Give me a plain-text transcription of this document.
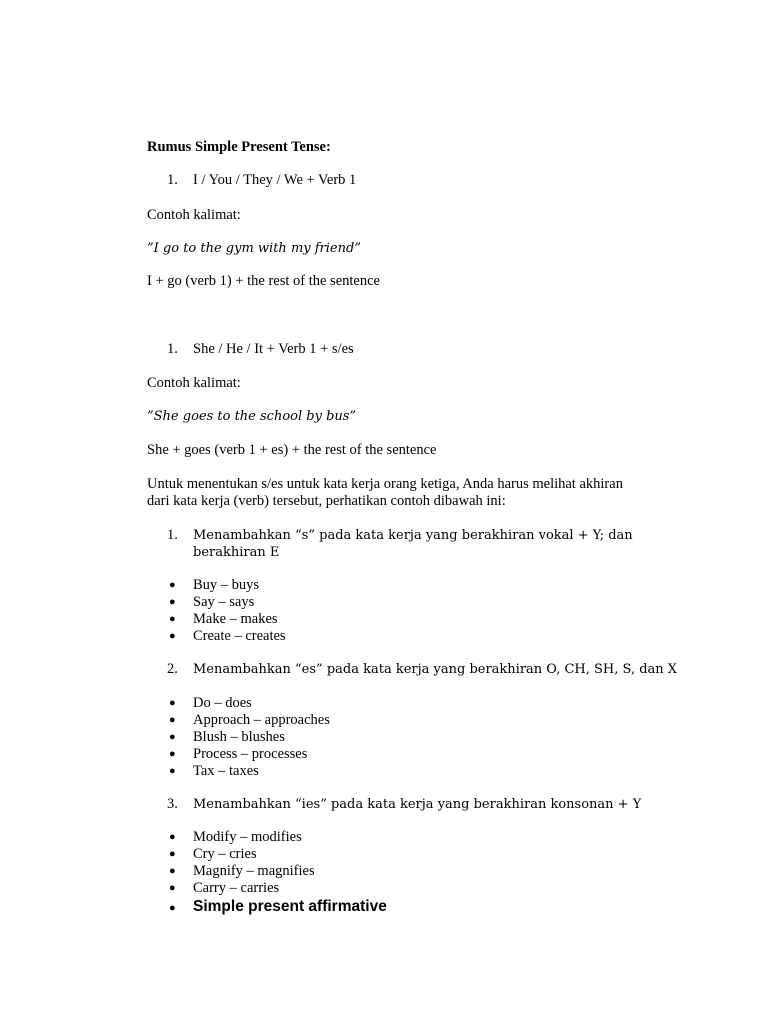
Rumus Simple Present Tense:
1. I / You / They / We + Verb 1
Contoh kalimat:
”I go to the gym with my friend”
I + go (verb 1) + the rest of the sentence
1. She / He / It + Verb 1 + s/es
Contoh kalimat:
”She goes to the school by bus”
She + goes (verb 1 + es) + the rest of the sentence
Untuk menentukan s/es untuk kata kerja orang ketiga, Anda harus melihat akhiran
dari kata kerja (verb) tersebut, perhatikan contoh dibawah ini:
1. Menambahkan “s” pada kata kerja yang berakhiran vokal + Y; dan
berakhiran E
● Buy – buys
● Say – says
● Make – makes
● Create – creates
2. Menambahkan “es” pada kata kerja yang berakhiran O, CH, SH, S, dan X
● Do – does
● Approach – approaches
● Blush – blushes
● Process – processes
● Tax – taxes
3. Menambahkan “ies” pada kata kerja yang berakhiran konsonan + Y
● Modify – modifies
● Cry – cries
● Magnify – magnifies
● Carry – carries
● Simple present affirmative
